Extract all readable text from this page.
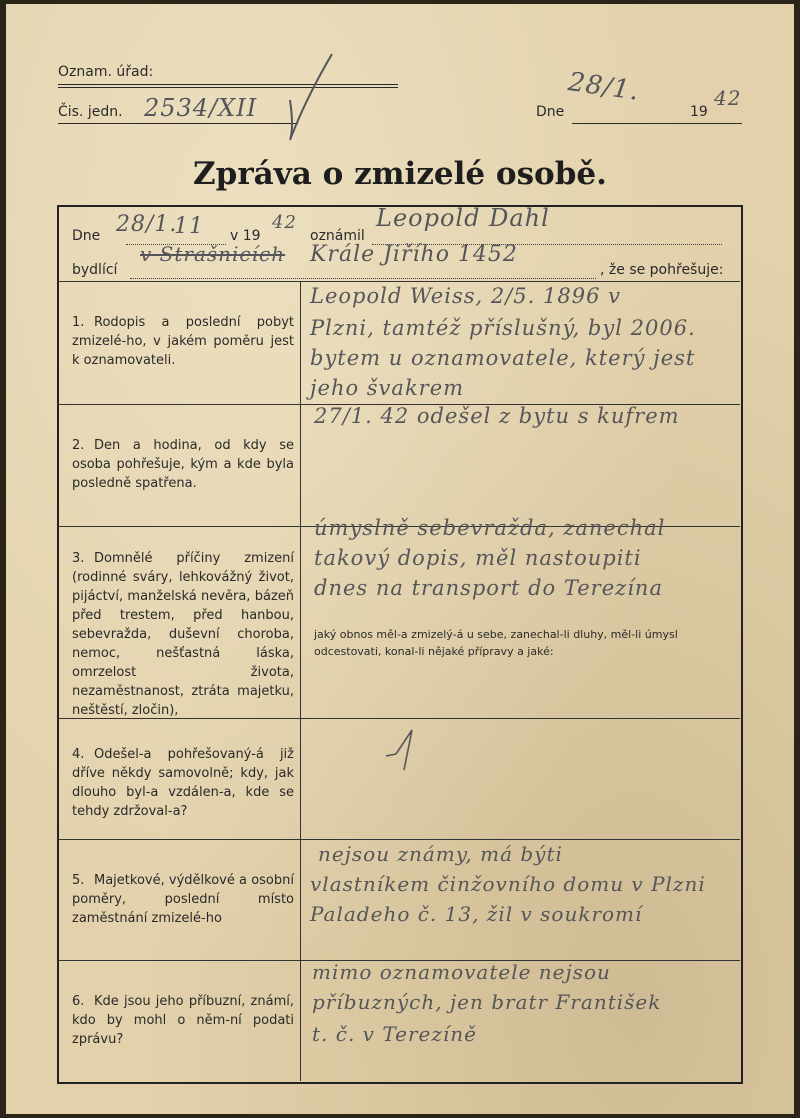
Oznam. úřad:
Čis. jedn. 2534/XII	Dne
28/1.
19
42
Zpráva o zmizelé osobě.
Dne 28/1.
11 v 19
42
oznámil
Leopold Dahl
bydlící
v Strašnicích Krále Jiřího 1452
, že se pohřešuje:
1. Rodopis a poslední pobyt zmizelé-ho, v jakém poměru jest k oznamovateli.
Leopold Weiss, 2/5. 1896 v
Plzni, tamtéž příslušný, byl 2006.
bytem u oznamovatele, který jest
jeho švakrem
2. Den a hodina, od kdy se osoba pohřešuje, kým a kde byla posledně spatřena.
27/1. 42 odešel z bytu s kufrem
3. Domnělé příčiny zmizení (rodinné sváry, lehkovážný život, pijáctví, manželská nevěra, bázeň před trestem, před hanbou, sebevražda, duševní choroba, nemoc, nešťastná láska, omrzelost života, nezaměstnanost, ztráta majetku, neštěstí, zločin),
úmyslně sebevražda, zanechal
takový dopis, měl nastoupiti
dnes na transport do Terezína
jaký obnos měl-a zmizelý-á u sebe, zanechal-li dluhy, měl-li úmysl odcestovati, konal-li nějaké přípravy a jaké:
4. Odešel-a pohřešovaný-á již dříve někdy samovolně; kdy, jak dlouho byl-a vzdálen-a, kde se tehdy zdržoval-a?
5. Majetkové, výdělkové a osobní poměry, poslední místo zaměstnání zmizelé-ho
nejsou známy, má býti
vlastníkem činžovního domu v Plzni
Paladeho č. 13, žil v soukromí
6. Kde jsou jeho příbuzní, známí, kdo by mohl o něm-ní podati zprávu?
mimo oznamovatele nejsou
příbuzných, jen bratr František
t. č. v Terezíně
